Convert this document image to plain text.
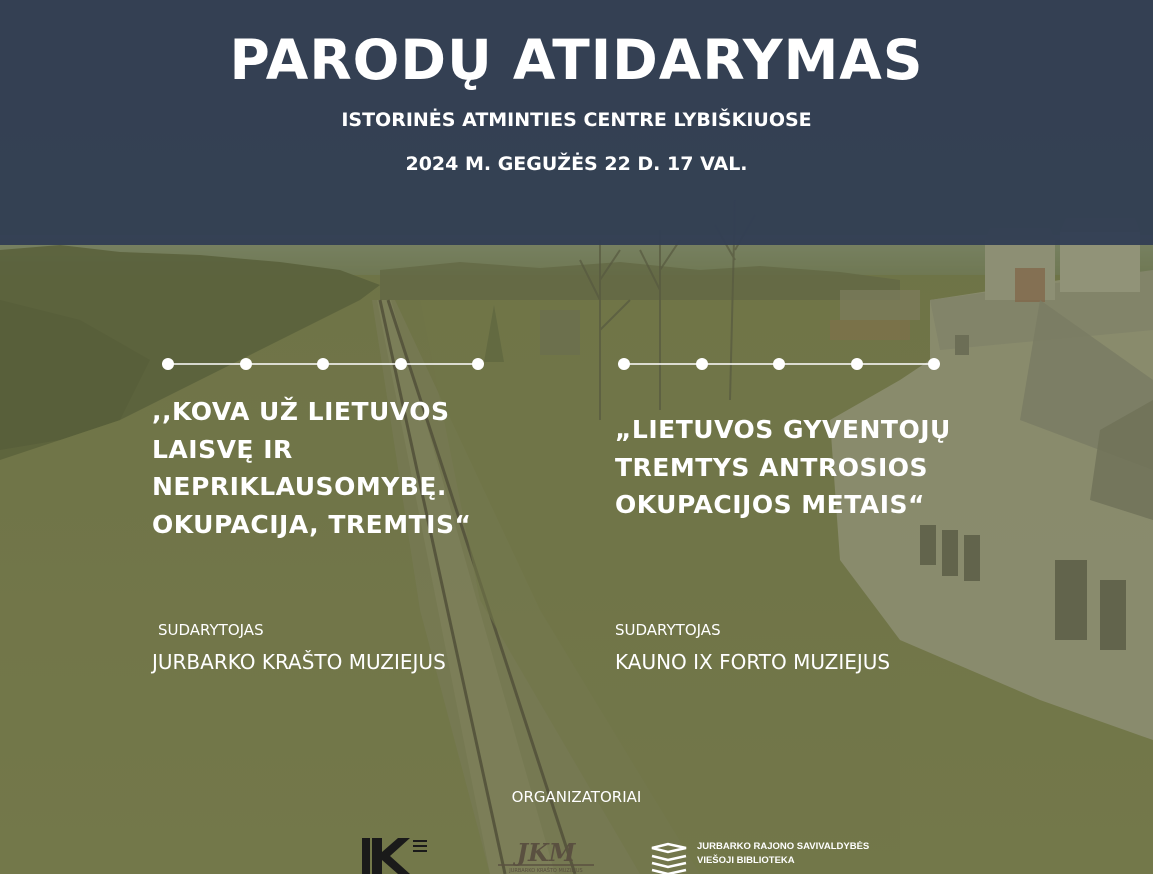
PARODŲ ATIDARYMAS
ISTORINĖS ATMINTIES CENTRE LYBIŠKIUOSE
2024 M. GEGUŽĖS 22 D. 17 VAL.
,,KOVA UŽ LIETUVOS
LAISVĘ IR
NEPRIKLAUSOMYBĘ.
OKUPACIJA, TREMTIS“
SUDARYTOJAS
JURBARKO KRAŠTO MUZIEJUS
„LIETUVOS GYVENTOJŲ
TREMTYS ANTROSIOS
OKUPACIJOS METAIS“
SUDARYTOJAS
KAUNO IX FORTO MUZIEJUS
ORGANIZATORIAI
JKM
JURBARKO KRAŠTO MUZIEJUS
JURBARKO RAJONO SAVIVALDYBĖS
VIEŠOJI BIBLIOTEKA
